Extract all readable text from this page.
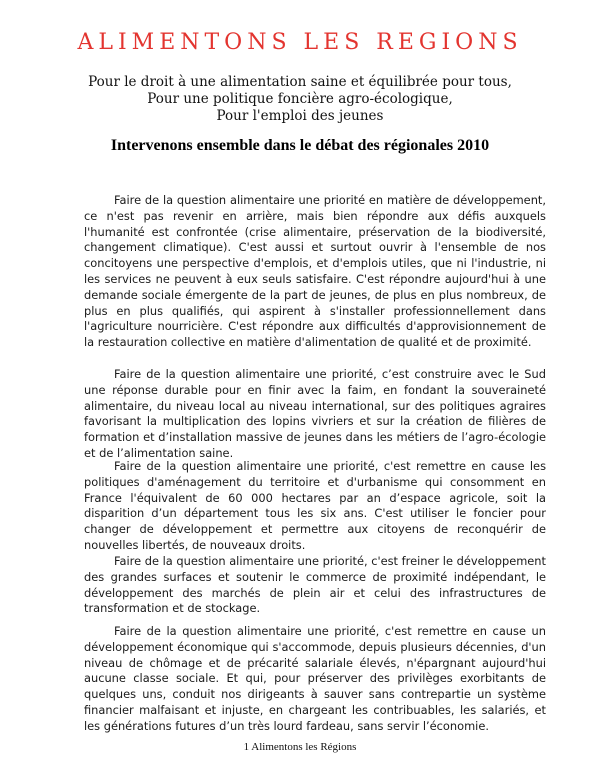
ALIMENTONS LES REGIONS
Pour le droit à une alimentation saine et équilibrée pour tous,
Pour une politique foncière agro-écologique,
Pour l'emploi des jeunes
Intervenons ensemble dans le débat des régionales 2010

Faire de la question alimentaire une priorité en matière de développement, ce n'est pas revenir en arrière, mais bien répondre aux défis auxquels l'humanité est confrontée (crise alimentaire, préservation de la biodiversité, changement climatique). C'est aussi et surtout ouvrir à l'ensemble de nos concitoyens une perspective d'emplois, et d'emplois utiles, que ni l'industrie, ni les services ne peuvent à eux seuls satisfaire. C'est répondre aujourd'hui à une demande sociale émergente de la part de jeunes, de plus en plus nombreux, de plus en plus qualifiés, qui aspirent à s'installer professionnellement dans l'agriculture nourricière. C'est répondre aux difficultés d'approvisionnement de la restauration collective en matière d'alimentation de qualité et de proximité.

Faire de la question alimentaire une priorité, c’est construire avec le Sud une réponse durable pour en finir avec la faim, en fondant la souveraineté alimentaire, du niveau local au niveau international, sur des politiques agraires favorisant la multiplication des lopins vivriers et sur la création de filières de formation et d’installation massive de jeunes dans les métiers de l’agro-écologie et de l’alimentation saine.

Faire de la question alimentaire une priorité, c'est remettre en cause les politiques d'aménagement du territoire et d'urbanisme qui consomment en France l'équivalent de 60 000 hectares par an d’espace agricole, soit la disparition d’un département tous les six ans. C'est utiliser le foncier pour changer de développement et permettre aux citoyens de reconquérir de nouvelles libertés, de nouveaux droits.

Faire de la question alimentaire une priorité, c'est freiner le développement des grandes surfaces et soutenir le commerce de proximité indépendant, le développement des marchés de plein air et celui des infrastructures de transformation et de stockage.

Faire de la question alimentaire une priorité, c'est remettre en cause un développement économique qui s'accommode, depuis plusieurs décennies, d'un niveau de chômage et de précarité salariale élevés, n'épargnant aujourd'hui aucune classe sociale. Et qui, pour préserver des privilèges exorbitants de quelques uns, conduit nos dirigeants à sauver sans contrepartie un système financier malfaisant et injuste, en chargeant les contribuables, les salariés, et les générations futures d’un très lourd fardeau, sans servir l’économie.

1 Alimentons les Régions
